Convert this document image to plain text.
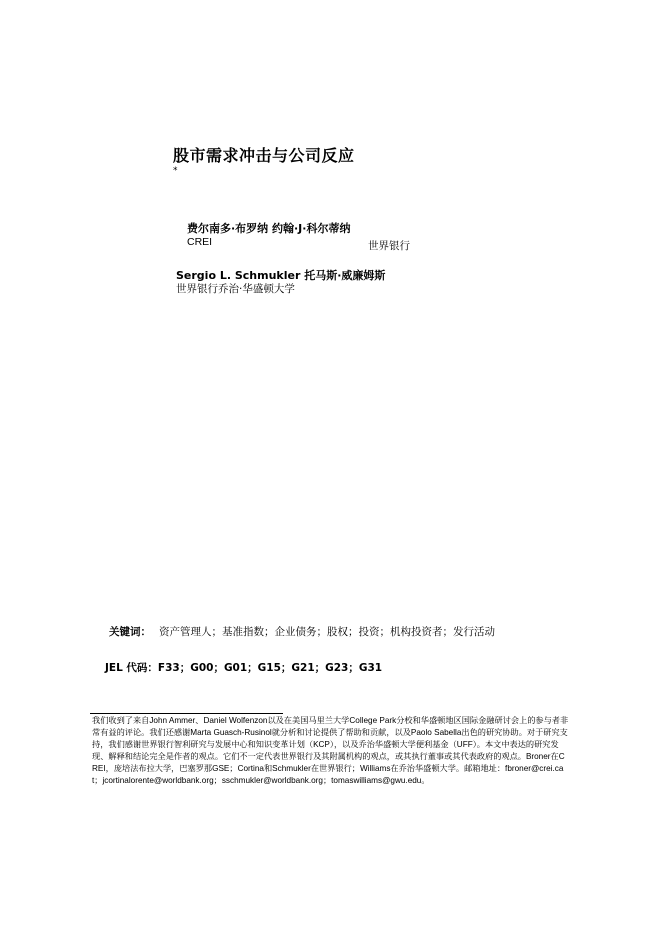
股市需求冲击与公司反应
*
费尔南多·布罗纳 约翰·J·科尔蒂纳
CREI	世界银行
Sergio L. Schmukler 托马斯·威廉姆斯
世界银行乔治·华盛顿大学
关键词： 资产管理人；基准指数；企业债务；股权；投资；机构投资者；发行活动
JEL 代码：F33；G00；G01；G15；G21；G23；G31
我们收到了来自John Ammer、Daniel Wolfenzon以及在美国马里兰大学College Park分校和华盛顿地区国际金融研讨会上的参与者非常有益的评论。我们还感谢Marta Guasch-Rusinol就分析和讨论提供了帮助和贡献，以及Paolo Sabella出色的研究协助。对于研究支持，我们感谢世界银行智利研究与发展中心和知识变革计划（KCP），以及乔治华盛顿大学便利基金（UFF）。本文中表达的研究发现、解释和结论完全是作者的观点。它们不一定代表世界银行及其附属机构的观点，或其执行董事或其代表政府的观点。Broner在CREI，庞培法布拉大学，巴塞罗那GSE；Cortina和Schmukler在世界银行；Williams在乔治华盛顿大学。邮箱地址：fbroner@crei.cat；jcortinalorente@worldbank.org；sschmukler@worldbank.org；tomaswilliams@gwu.edu。
